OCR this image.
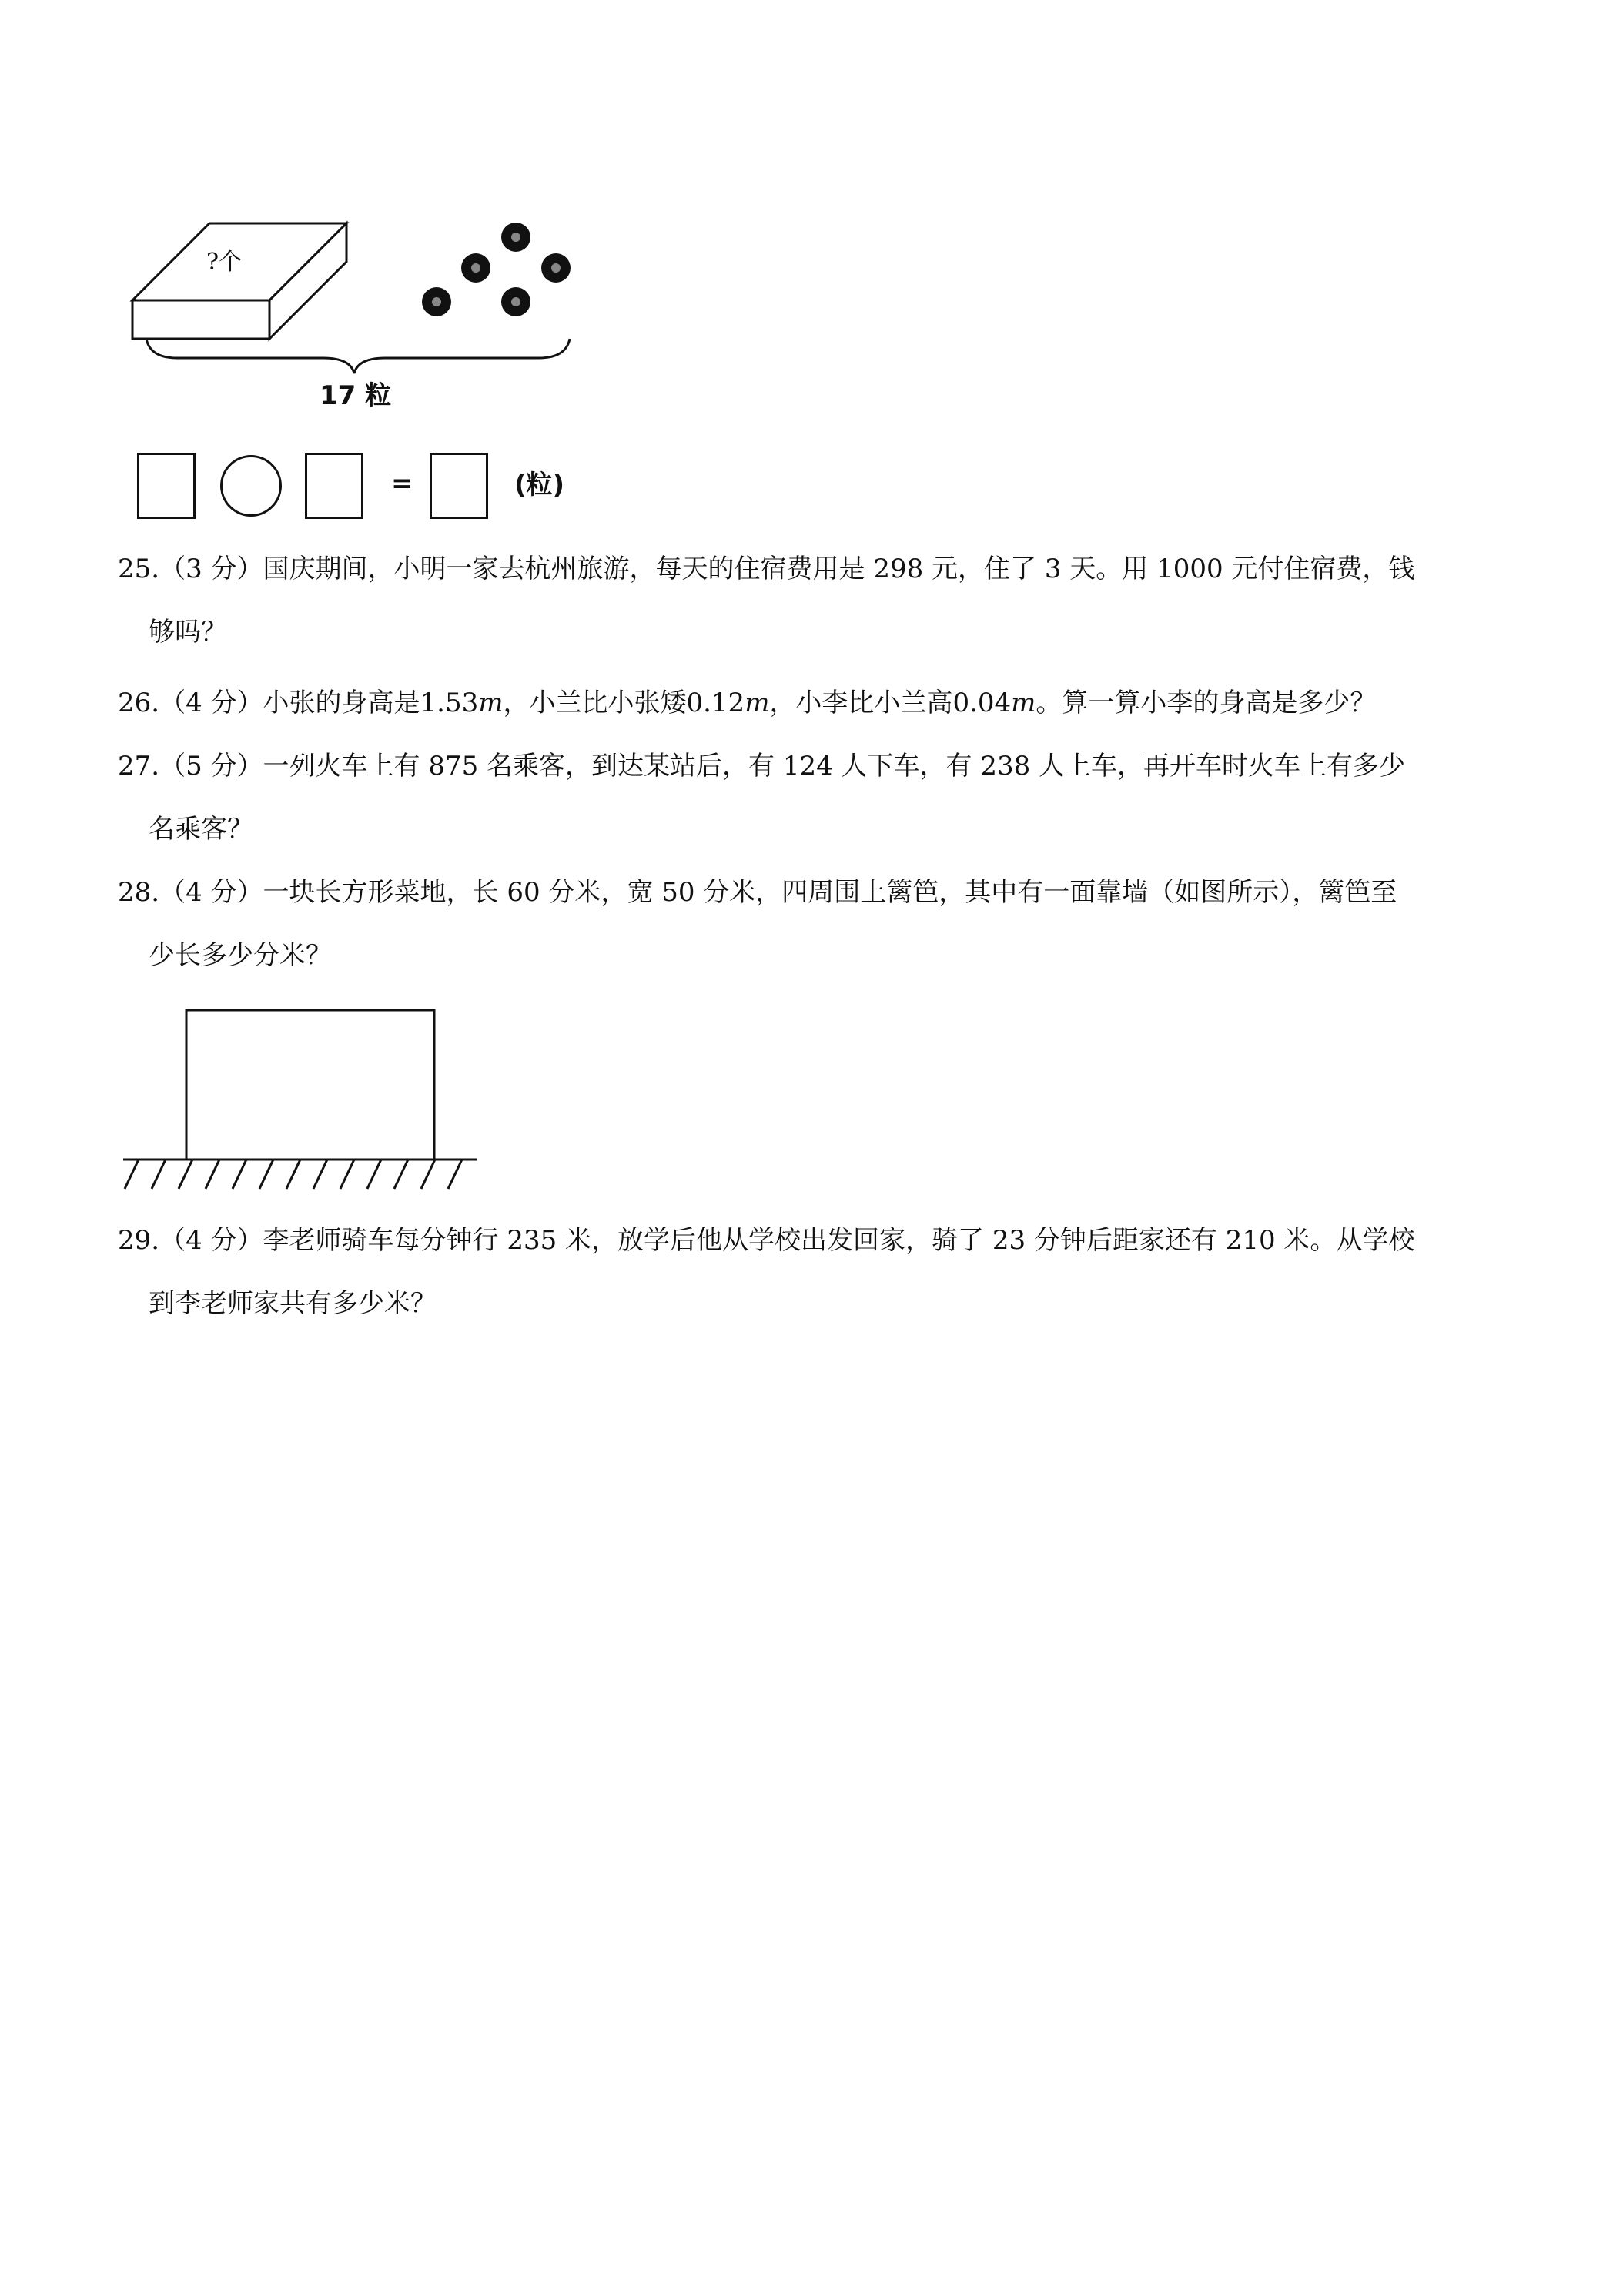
?个
17 粒
=	(粒)
25.（3 分）国庆期间，小明一家去杭州旅游，每天的住宿费用是 298 元，住了 3 天。用 1000 元付住宿费，钱
够吗？
26.（4 分）小张的身高是1.53m，小兰比小张矮0.12m，小李比小兰高0.04m。算一算小李的身高是多少？
27.（5 分）一列火车上有 875 名乘客，到达某站后，有 124 人下车，有 238 人上车，再开车时火车上有多少
名乘客？
28.（4 分）一块长方形菜地，长 60 分米，宽 50 分米，四周围上篱笆，其中有一面靠墙（如图所示），篱笆至
少长多少分米？
29.（4 分）李老师骑车每分钟行 235 米，放学后他从学校出发回家，骑了 23 分钟后距家还有 210 米。从学校
到李老师家共有多少米？
